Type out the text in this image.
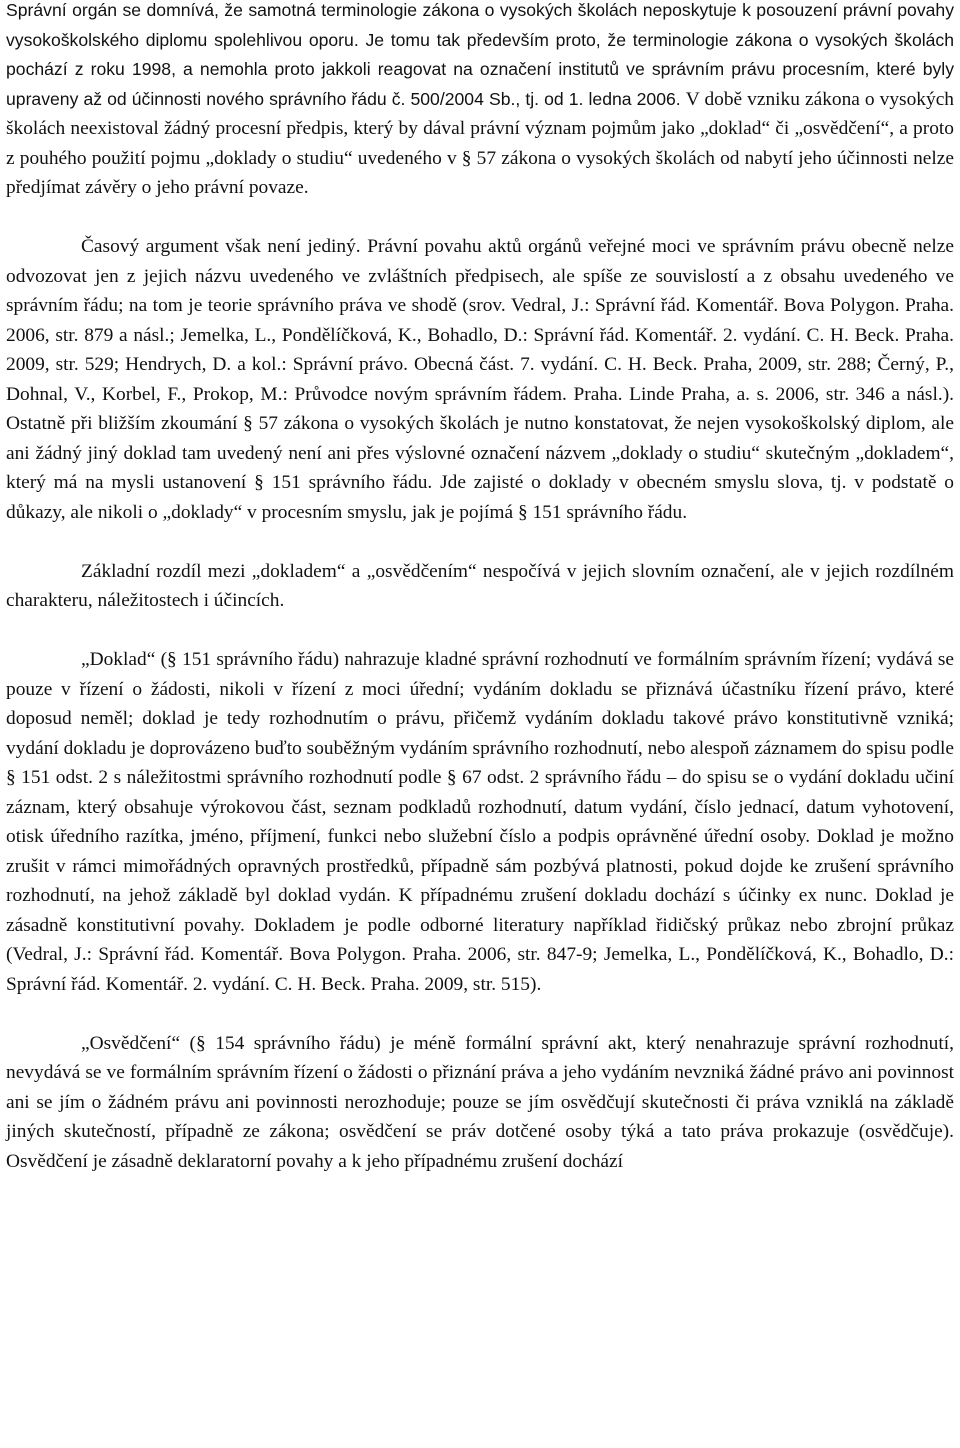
Správní orgán se domnívá, že samotná terminologie zákona o vysokých školách neposkytuje k posouzení právní povahy vysokoškolského diplomu spolehlivou oporu. Je tomu tak především proto, že terminologie zákona o vysokých školách pochází z roku 1998, a nemohla proto jakkoli reagovat na označení institutů ve správním právu procesním, které byly upraveny až od účinnosti nového správního řádu č. 500/2004 Sb., tj. od 1. ledna 2006. V době vzniku zákona o vysokých školách neexistoval žádný procesní předpis, který by dával právní význam pojmům jako „doklad“ či „osvědčení“, a proto z pouhého použití pojmu „doklady o studiu“ uvedeného v § 57 zákona o vysokých školách od nabytí jeho účinnosti nelze předjímat závěry o jeho právní povaze.

Časový argument však není jediný. Právní povahu aktů orgánů veřejné moci ve správním právu obecně nelze odvozovat jen z jejich názvu uvedeného ve zvláštních předpisech, ale spíše ze souvislostí a z obsahu uvedeného ve správním řádu; na tom je teorie správního práva ve shodě (srov. Vedral, J.: Správní řád. Komentář. Bova Polygon. Praha. 2006, str. 879 a násl.; Jemelka, L., Pondělíčková, K., Bohadlo, D.: Správní řád. Komentář. 2. vydání. C. H. Beck. Praha. 2009, str. 529; Hendrych, D. a kol.: Správní právo. Obecná část. 7. vydání. C. H. Beck. Praha, 2009, str. 288; Černý, P., Dohnal, V., Korbel, F., Prokop, M.: Průvodce novým správním řádem. Praha. Linde Praha, a. s. 2006, str. 346 a násl.). Ostatně při bližším zkoumání § 57 zákona o vysokých školách je nutno konstatovat, že nejen vysokoškolský diplom, ale ani žádný jiný doklad tam uvedený není ani přes výslovné označení názvem „doklady o studiu“ skutečným „dokladem“, který má na mysli ustanovení § 151 správního řádu. Jde zajisté o doklady v obecném smyslu slova, tj. v podstatě o důkazy, ale nikoli o „doklady“ v procesním smyslu, jak je pojímá § 151 správního řádu.

Základní rozdíl mezi „dokladem“ a „osvědčením“ nespočívá v jejich slovním označení, ale v jejich rozdílném charakteru, náležitostech i účincích.

„Doklad“ (§ 151 správního řádu) nahrazuje kladné správní rozhodnutí ve formálním správním řízení; vydává se pouze v řízení o žádosti, nikoli v řízení z moci úřední; vydáním dokladu se přiznává účastníku řízení právo, které doposud neměl; doklad je tedy rozhodnutím o právu, přičemž vydáním dokladu takové právo konstitutivně vzniká; vydání dokladu je doprovázeno buďto souběžným vydáním správního rozhodnutí, nebo alespoň záznamem do spisu podle § 151 odst. 2 s náležitostmi správního rozhodnutí podle § 67 odst. 2 správního řádu – do spisu se o vydání dokladu učiní záznam, který obsahuje výrokovou část, seznam podkladů rozhodnutí, datum vydání, číslo jednací, datum vyhotovení, otisk úředního razítka, jméno, příjmení, funkci nebo služební číslo a podpis oprávněné úřední osoby. Doklad je možno zrušit v rámci mimořádných opravných prostředků, případně sám pozbývá platnosti, pokud dojde ke zrušení správního rozhodnutí, na jehož základě byl doklad vydán. K případnému zrušení dokladu dochází s účinky ex nunc. Doklad je zásadně konstitutivní povahy. Dokladem je podle odborné literatury například řidičský průkaz nebo zbrojní průkaz (Vedral, J.: Správní řád. Komentář. Bova Polygon. Praha. 2006, str. 847-9; Jemelka, L., Pondělíčková, K., Bohadlo, D.: Správní řád. Komentář. 2. vydání. C. H. Beck. Praha. 2009, str. 515).

„Osvědčení“ (§ 154 správního řádu) je méně formální správní akt, který nenahrazuje správní rozhodnutí, nevydává se ve formálním správním řízení o žádosti o přiznání práva a jeho vydáním nevzniká žádné právo ani povinnost ani se jím o žádném právu ani povinnosti nerozhoduje; pouze se jím osvědčují skutečnosti či práva vzniklá na základě jiných skutečností, případně ze zákona; osvědčení se práv dotčené osoby týká a tato práva prokazuje (osvědčuje). Osvědčení je zásadně deklaratorní povahy a k jeho případnému zrušení dochází
